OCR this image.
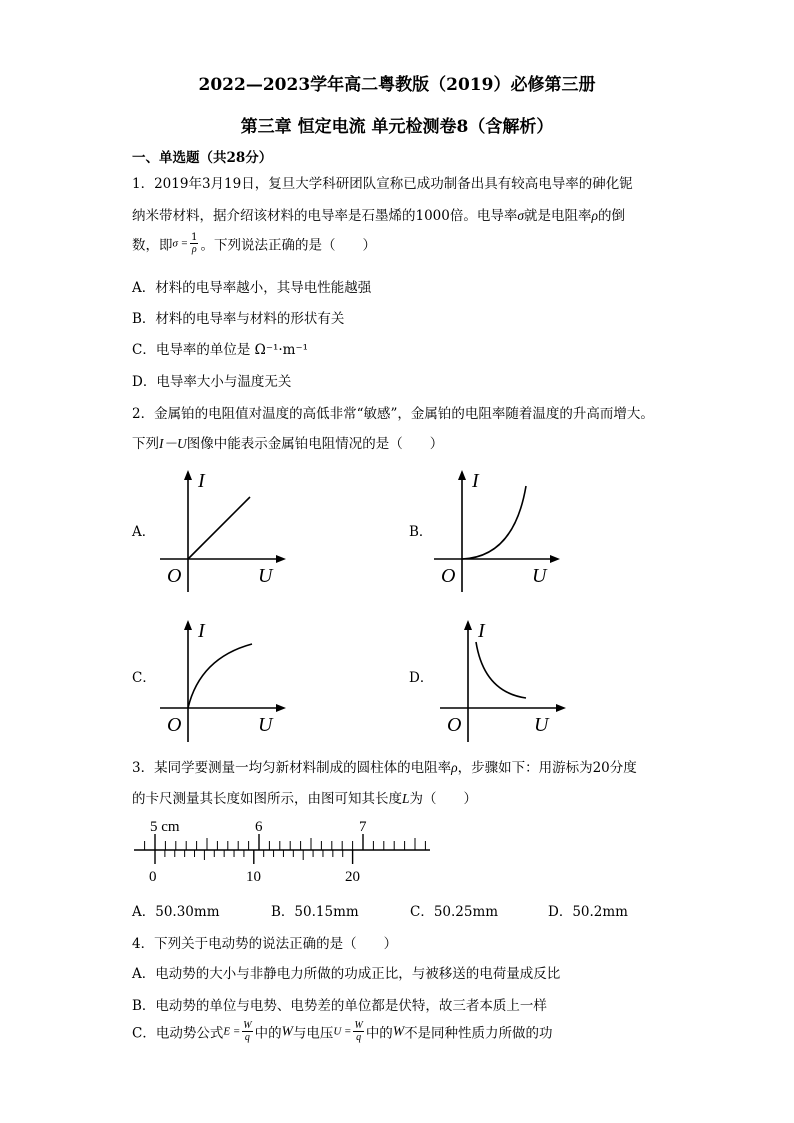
2022—2023学年高二粤教版（2019）必修第三册
第三章 恒定电流 单元检测卷8（含解析）
一、单选题（共28分）
1．2019年3月19日，复旦大学科研团队宣称已成功制备出具有较高电导率的砷化铌
纳米带材料，据介绍该材料的电导率是石墨烯的1000倍。电导率σ就是电阻率ρ的倒
数，即$\sigma = \frac{1}{\rho}$ 。下列说法正确的是（　　）
A．材料的电导率越小，其导电性能越强
B．材料的电导率与材料的形状有关
C．电导率的单位是 Ω⁻¹·m⁻¹
D．电导率大小与温度无关
2．金属铂的电阻值对温度的高低非常“敏感”，金属铂的电阻率随着温度的升高而增大。
下列I－U图像中能表示金属铂电阻情况的是（　　）
A．
I
U
O
B．
I
U
O
C．
I
U
O
D．
I
U
O
3．某同学要测量一均匀新材料制成的圆柱体的电阻率ρ，步骤如下：用游标为20分度
的卡尺测量其长度如图所示，由图可知其长度L为（　　）
5 cm	6	7
0	10	20
A．50.30mm	B．50.15mm	C．50.25mm	D．50.2mm
4．下列关于电动势的说法正确的是（　　）
A．电动势的大小与非静电力所做的功成正比，与被移送的电荷量成反比
B．电动势的单位与电势、电势差的单位都是伏特，故三者本质上一样
C．电动势公式$E = \frac{W}{q}$ 中的W与电压$U = \frac{W}{q}$ 中的W不是同种性质力所做的功
